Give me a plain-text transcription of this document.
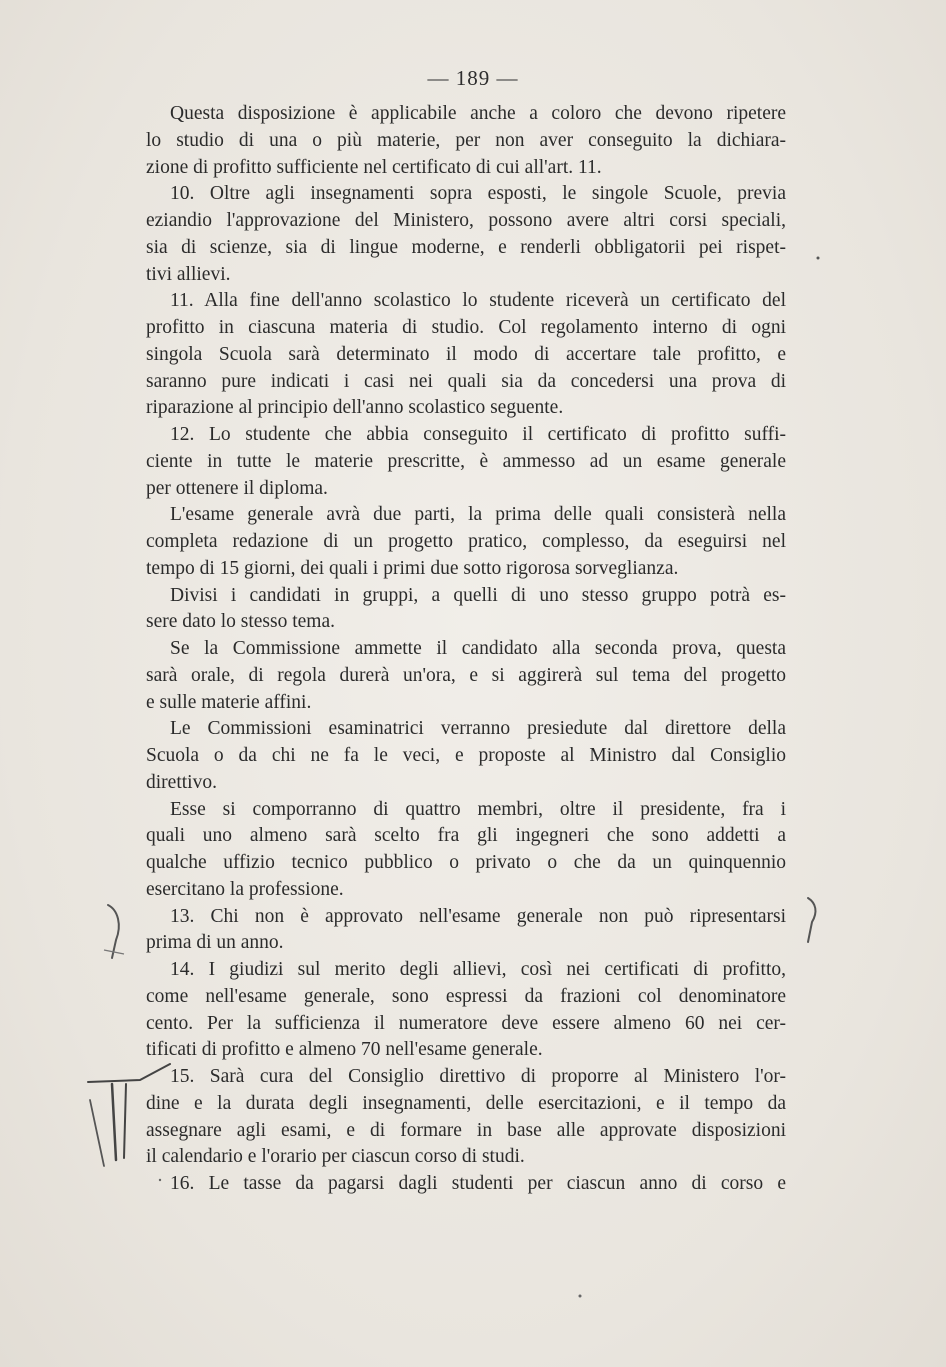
— 189 —
Questa disposizione è applicabile anche a coloro che devono ripetere
lo studio di una o più materie, per non aver conseguito la dichiara-
zione di profitto sufficiente nel certificato di cui all'art. 11.
10. Oltre agli insegnamenti sopra esposti, le singole Scuole, previa
eziandio l'approvazione del Ministero, possono avere altri corsi speciali,
sia di scienze, sia di lingue moderne, e renderli obbligatorii pei rispet-
tivi allievi.
11. Alla fine dell'anno scolastico lo studente riceverà un certificato del
profitto in ciascuna materia di studio. Col regolamento interno di ogni
singola Scuola sarà determinato il modo di accertare tale profitto, e
saranno pure indicati i casi nei quali sia da concedersi una prova di
riparazione al principio dell'anno scolastico seguente.
12. Lo studente che abbia conseguito il certificato di profitto suffi-
ciente in tutte le materie prescritte, è ammesso ad un esame generale
per ottenere il diploma.
L'esame generale avrà due parti, la prima delle quali consisterà nella
completa redazione di un progetto pratico, complesso, da eseguirsi nel
tempo di 15 giorni, dei quali i primi due sotto rigorosa sorveglianza.
Divisi i candidati in gruppi, a quelli di uno stesso gruppo potrà es-
sere dato lo stesso tema.
Se la Commissione ammette il candidato alla seconda prova, questa
sarà orale, di regola durerà un'ora, e si aggirerà sul tema del progetto
e sulle materie affini.
Le Commissioni esaminatrici verranno presiedute dal direttore della
Scuola o da chi ne fa le veci, e proposte al Ministro dal Consiglio
direttivo.
Esse si comporranno di quattro membri, oltre il presidente, fra i
quali uno almeno sarà scelto fra gli ingegneri che sono addetti a
qualche uffizio tecnico pubblico o privato o che da un quinquennio
esercitano la professione.
13. Chi non è approvato nell'esame generale non può ripresentarsi
prima di un anno.
14. I giudizi sul merito degli allievi, così nei certificati di profitto,
come nell'esame generale, sono espressi da frazioni col denominatore
cento. Per la sufficienza il numeratore deve essere almeno 60 nei cer-
tificati di profitto e almeno 70 nell'esame generale.
15. Sarà cura del Consiglio direttivo di proporre al Ministero l'or-
dine e la durata degli insegnamenti, delle esercitazioni, e il tempo da
assegnare agli esami, e di formare in base alle approvate disposizioni
il calendario e l'orario per ciascun corso di studi.
16. Le tasse da pagarsi dagli studenti per ciascun anno di corso e
